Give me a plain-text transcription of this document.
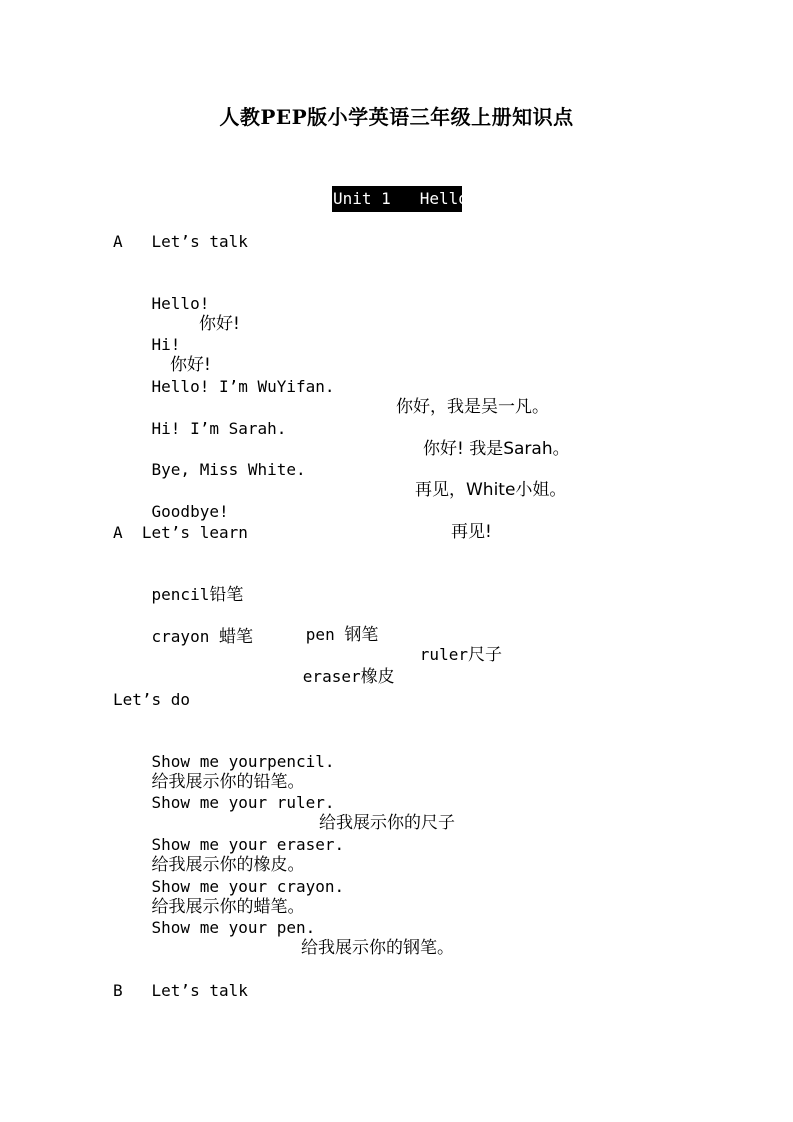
人教PEP版小学英语三年级上册知识点
Unit 1   Hello
A   Let’s talk

Hello!

你好!

Hi!

你好!

Hello! I’m WuYifan.

你好，我是吴一凡。

Hi! I’m Sarah.

你好! 我是Sarah。

Bye, Miss White.

再见，White小姐。

Goodbye!

再见!

A  Let’s learn

pencil铅笔

pen 钢笔

ruler尺子

crayon 蜡笔

eraser橡皮

Let’s do

Show me yourpencil.
给我展示你的铅笔。

Show me your ruler.

给我展示你的尺子

Show me your eraser.
给我展示你的橡皮。

Show me your crayon.
给我展示你的蜡笔。

Show me your pen.

给我展示你的钢笔。

B   Let’s talk
